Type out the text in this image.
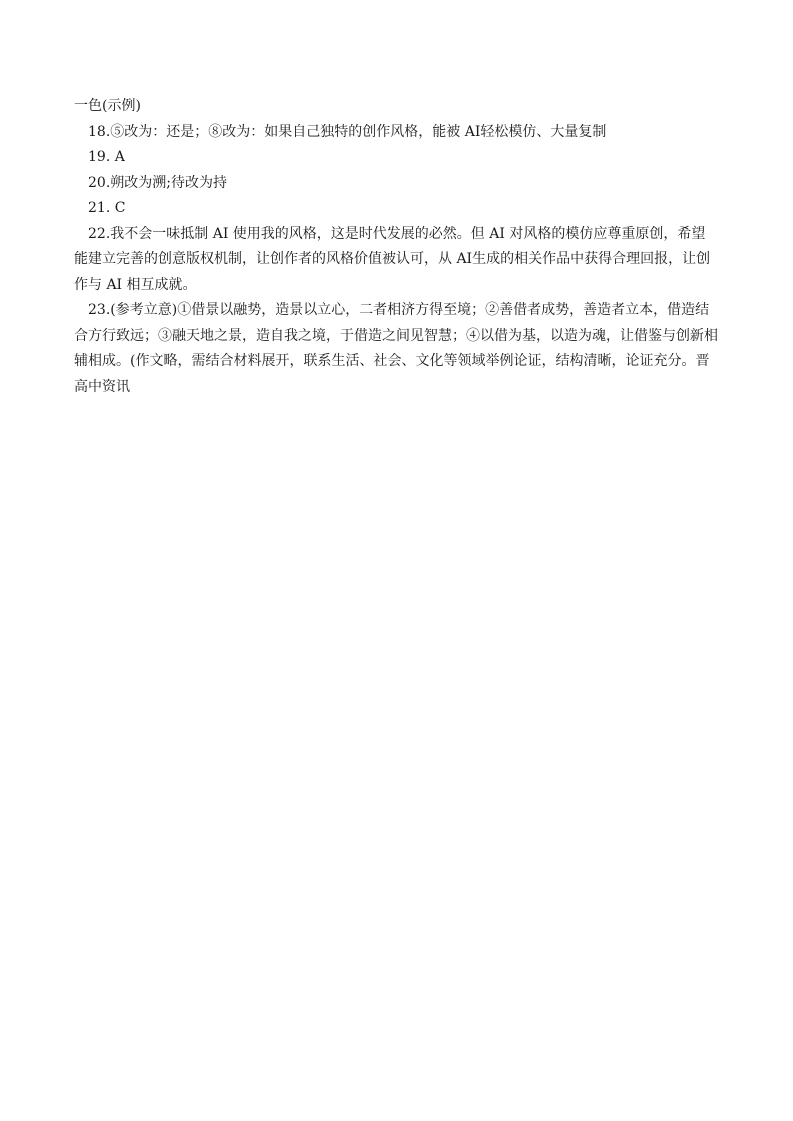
一色(示例)
18.⑤改为：还是；⑧改为：如果自己独特的创作风格，能被 AI轻松模仿、大量复制
19. A
20.朔改为溯;待改为持
21. C
22.我不会一味抵制 AI 使用我的风格，这是时代发展的必然。但 AI 对风格的模仿应尊重原创，希望
能建立完善的创意版权机制，让创作者的风格价值被认可，从 AI生成的相关作品中获得合理回报，让创
作与 AI 相互成就。
23.(参考立意)①借景以融势，造景以立心，二者相济方得至境；②善借者成势，善造者立本，借造结
合方行致远；③融天地之景，造自我之境，于借造之间见智慧；④以借为基，以造为魂，让借鉴与创新相
辅相成。(作文略，需结合材料展开，联系生活、社会、文化等领域举例论证，结构清晰，论证充分。晋
高中资讯
